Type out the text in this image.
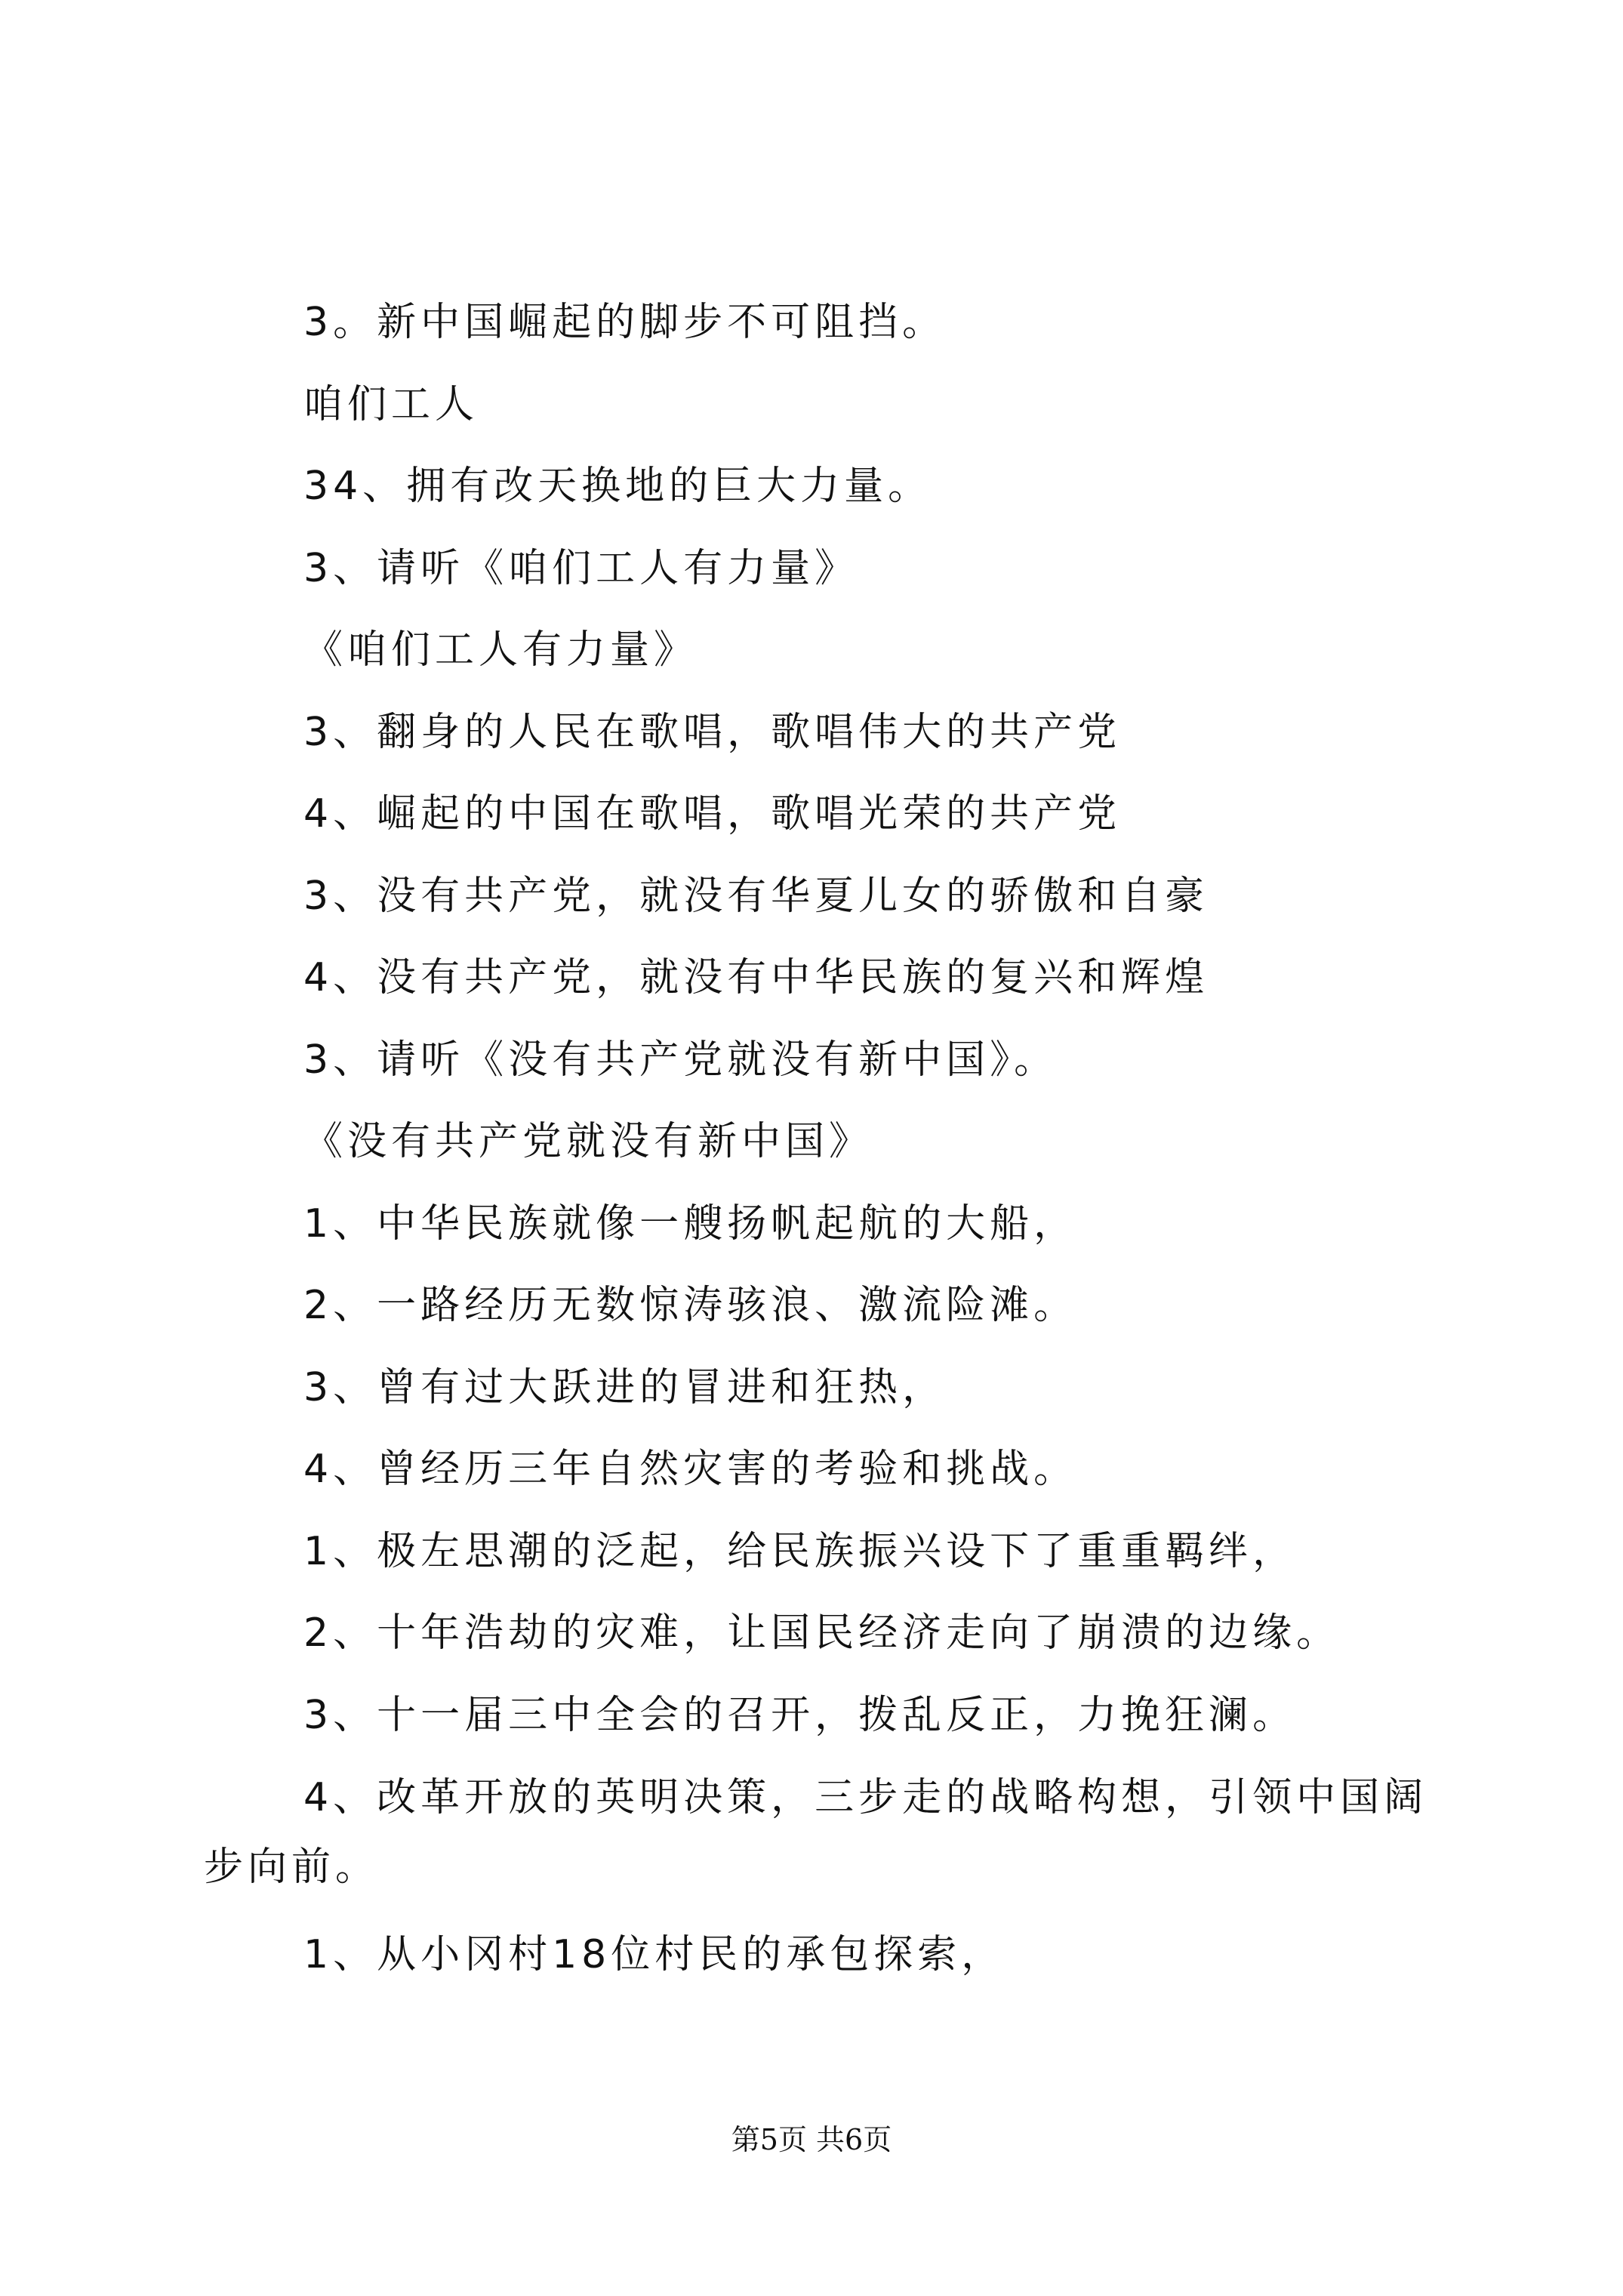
3。新中国崛起的脚步不可阻挡。
咱们工人
34、拥有改天换地的巨大力量。
3、请听《咱们工人有力量》
《咱们工人有力量》
3、翻身的人民在歌唱，歌唱伟大的共产党
4、崛起的中国在歌唱，歌唱光荣的共产党
3、没有共产党，就没有华夏儿女的骄傲和自豪
4、没有共产党，就没有中华民族的复兴和辉煌
3、请听《没有共产党就没有新中国》。
《没有共产党就没有新中国》
1、中华民族就像一艘扬帆起航的大船，
2、一路经历无数惊涛骇浪、激流险滩。
3、曾有过大跃进的冒进和狂热，
4、曾经历三年自然灾害的考验和挑战。
1、极左思潮的泛起，给民族振兴设下了重重羁绊，
2、十年浩劫的灾难，让国民经济走向了崩溃的边缘。
3、十一届三中全会的召开，拨乱反正，力挽狂澜。
4、改革开放的英明决策，三步走的战略构想，引领中国阔
步向前。
1、从小冈村18位村民的承包探索，
第5页 共6页
